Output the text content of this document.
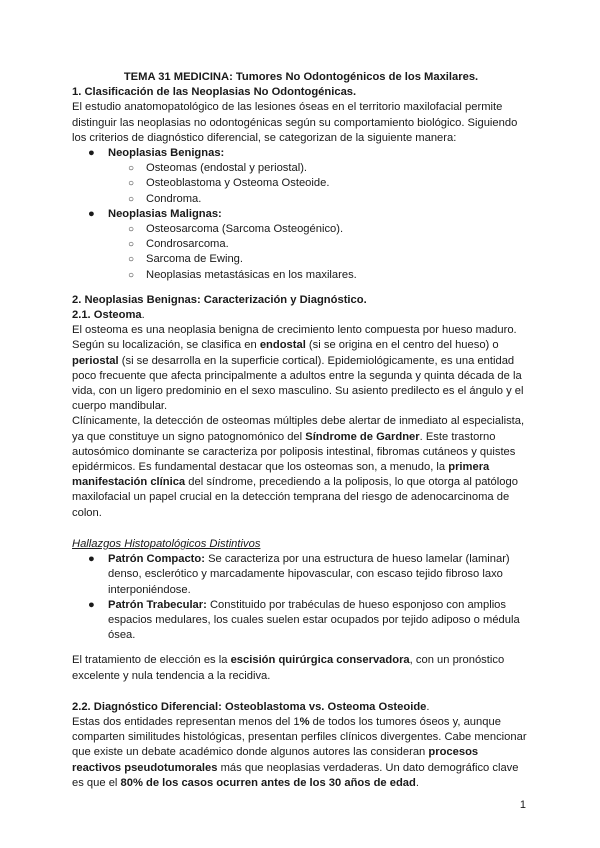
TEMA 31 MEDICINA: Tumores No Odontogénicos de los Maxilares.

1. Clasificación de las Neoplasias No Odontogénicas.

El estudio anatomopatológico de las lesiones óseas en el territorio maxilofacial permite distinguir las neoplasias no odontogénicas según su comportamiento biológico. Siguiendo los criterios de diagnóstico diferencial, se categorizan de la siguiente manera:

● Neoplasias Benignas:
○ Osteomas (endostal y periostal).
○ Osteoblastoma y Osteoma Osteoide.
○ Condroma.
● Neoplasias Malignas:
○ Osteosarcoma (Sarcoma Osteogénico).
○ Condrosarcoma.
○ Sarcoma de Ewing.
○ Neoplasias metastásicas en los maxilares.

2. Neoplasias Benignas: Caracterización y Diagnóstico.

2.1. Osteoma.

El osteoma es una neoplasia benigna de crecimiento lento compuesta por hueso maduro. Según su localización, se clasifica en endostal (si se origina en el centro del hueso) o periostal (si se desarrolla en la superficie cortical). Epidemiológicamente, es una entidad poco frecuente que afecta principalmente a adultos entre la segunda y quinta década de la vida, con un ligero predominio en el sexo masculino. Su asiento predilecto es el ángulo y el cuerpo mandibular.

Clínicamente, la detección de osteomas múltiples debe alertar de inmediato al especialista, ya que constituye un signo patognomónico del Síndrome de Gardner. Este trastorno autosómico dominante se caracteriza por poliposis intestinal, fibromas cutáneos y quistes epidérmicos. Es fundamental destacar que los osteomas son, a menudo, la primera manifestación clínica del síndrome, precediendo a la poliposis, lo que otorga al patólogo maxilofacial un papel crucial en la detección temprana del riesgo de adenocarcinoma de colon.

Hallazgos Histopatológicos Distintivos

● Patrón Compacto: Se caracteriza por una estructura de hueso lamelar (laminar) denso, esclerótico y marcadamente hipovascular, con escaso tejido fibroso laxo interponiéndose.
● Patrón Trabecular: Constituido por trabéculas de hueso esponjoso con amplios espacios medulares, los cuales suelen estar ocupados por tejido adiposo o médula ósea.

El tratamiento de elección es la escisión quirúrgica conservadora, con un pronóstico excelente y nula tendencia a la recidiva.

2.2. Diagnóstico Diferencial: Osteoblastoma vs. Osteoma Osteoide.

Estas dos entidades representan menos del 1% de todos los tumores óseos y, aunque comparten similitudes histológicas, presentan perfiles clínicos divergentes. Cabe mencionar que existe un debate académico donde algunos autores las consideran procesos reactivos pseudotumorales más que neoplasias verdaderas. Un dato demográfico clave es que el 80% de los casos ocurren antes de los 30 años de edad.

1
